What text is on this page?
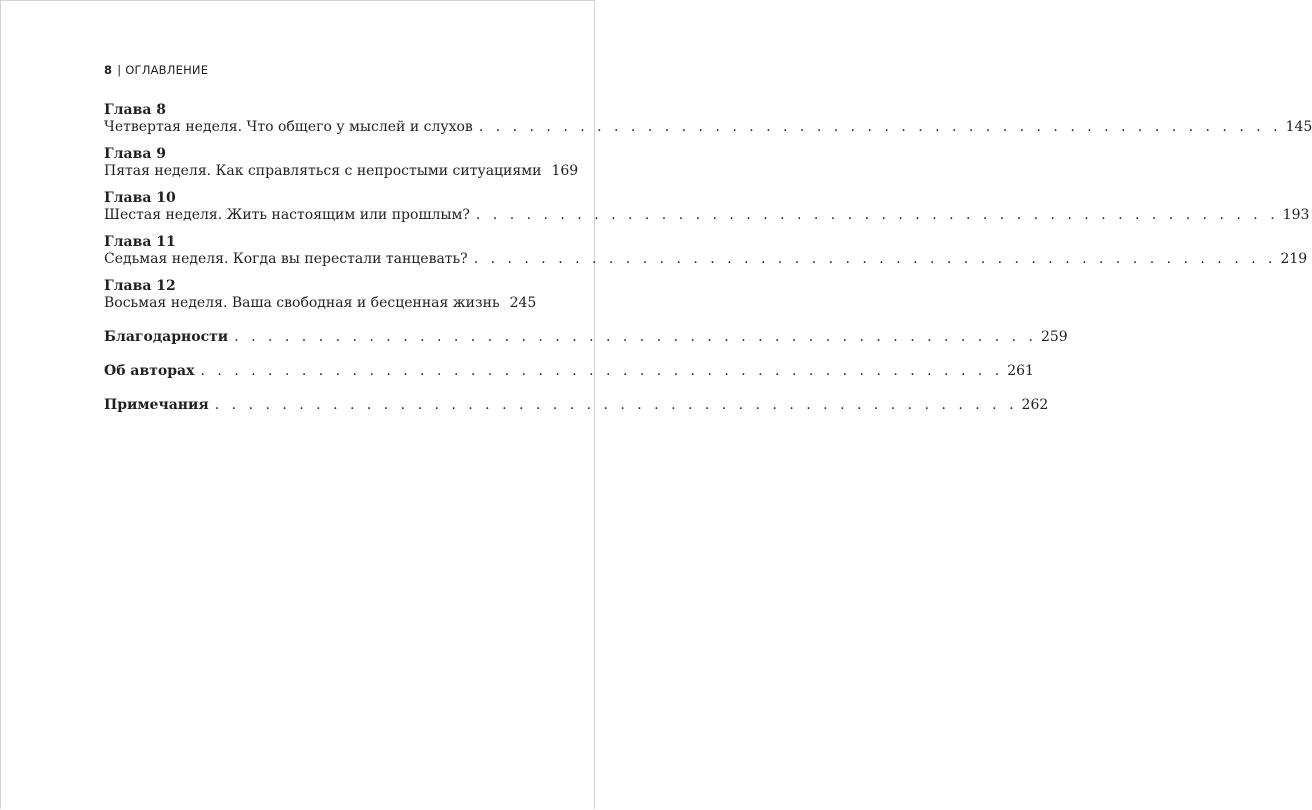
8 | ОГЛАВЛЕНИЕ
Глава 8
Четвертая неделя. Что общего у мыслей и слухов . . . . . . . . . . . . . . . . . . . . . . . . . . . . . . . . . . . . . . . . . . . . . . . . 145
Глава 9
Пятая неделя. Как справляться с непростыми ситуациями 169
Глава 10
Шестая неделя. Жить настоящим или прошлым? . . . . . . . . . . . . . . . . . . . . . . . . . . . . . . . . . . . . . . . . . . . . . . . . 193
Глава 11
Седьмая неделя. Когда вы перестали танцевать? . . . . . . . . . . . . . . . . . . . . . . . . . . . . . . . . . . . . . . . . . . . . . . . . 219
Глава 12
Восьмая неделя. Ваша свободная и бесценная жизнь 245
Благодарности . . . . . . . . . . . . . . . . . . . . . . . . . . . . . . . . . . . . . . . . . . . . . . . . 259
Об авторах . . . . . . . . . . . . . . . . . . . . . . . . . . . . . . . . . . . . . . . . . . . . . . . . 261
Примечания . . . . . . . . . . . . . . . . . . . . . . . . . . . . . . . . . . . . . . . . . . . . . . . . 262
